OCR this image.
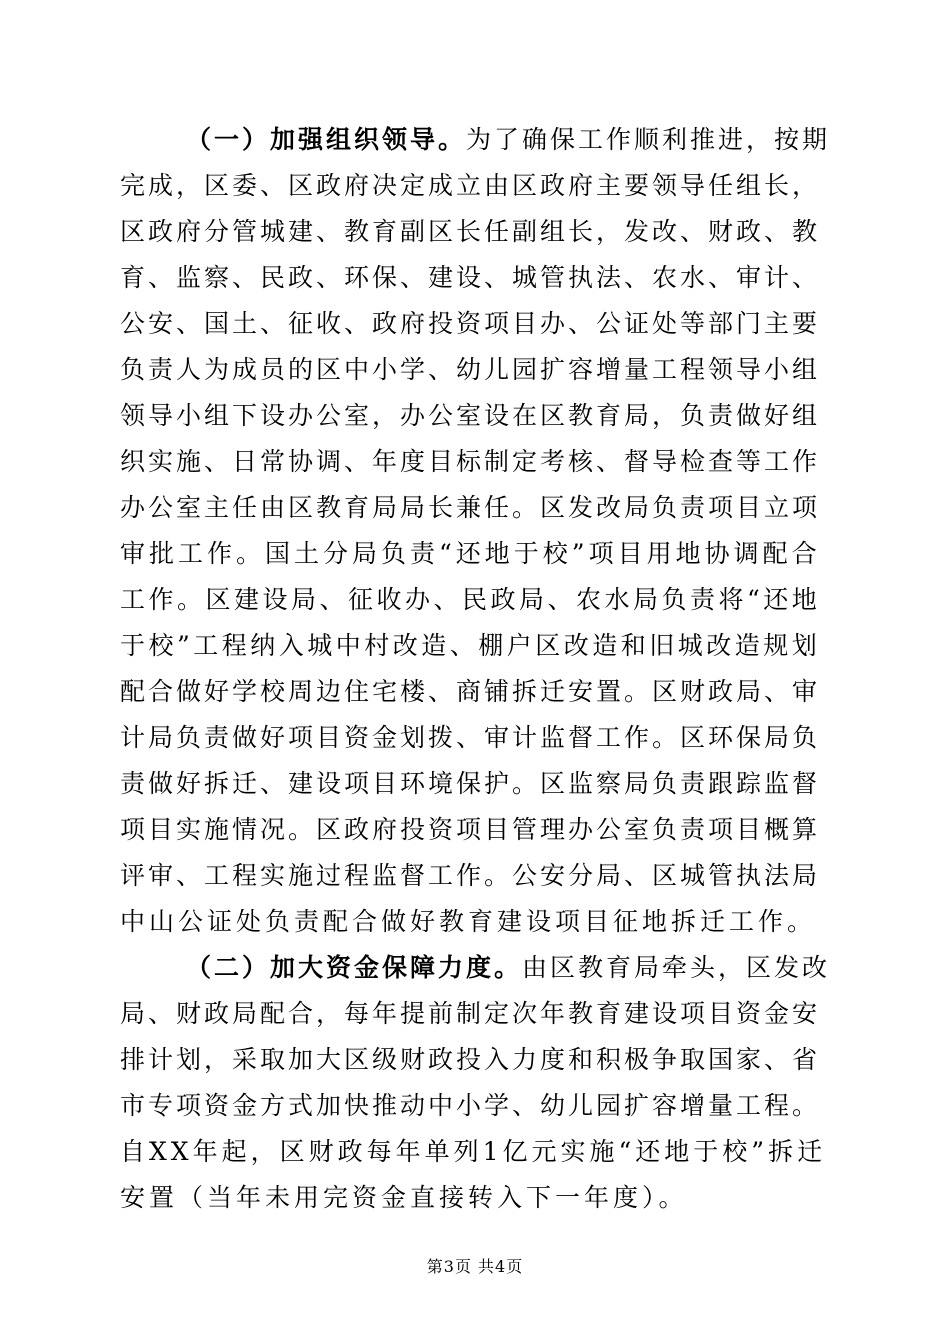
（一）加强组织领导。为了确保工作顺利推进，按期
完成，区委、区政府决定成立由区政府主要领导任组长，
区政府分管城建、教育副区长任副组长，发改、财政、教
育、监察、民政、环保、建设、城管执法、农水、审计、
公安、国土、征收、政府投资项目办、公证处等部门主要
负责人为成员的区中小学、幼儿园扩容增量工程领导小组
领导小组下设办公室，办公室设在区教育局，负责做好组
织实施、日常协调、年度目标制定考核、督导检查等工作
办公室主任由区教育局局长兼任。区发改局负责项目立项
审批工作。国土分局负责“还地于校”项目用地协调配合
工作。区建设局、征收办、民政局、农水局负责将“还地
于校”工程纳入城中村改造、棚户区改造和旧城改造规划
配合做好学校周边住宅楼、商铺拆迁安置。区财政局、审
计局负责做好项目资金划拨、审计监督工作。区环保局负
责做好拆迁、建设项目环境保护。区监察局负责跟踪监督
项目实施情况。区政府投资项目管理办公室负责项目概算
评审、工程实施过程监督工作。公安分局、区城管执法局
中山公证处负责配合做好教育建设项目征地拆迁工作。
（二）加大资金保障力度。由区教育局牵头，区发改
局、财政局配合，每年提前制定次年教育建设项目资金安
排计划，采取加大区级财政投入力度和积极争取国家、省
市专项资金方式加快推动中小学、幼儿园扩容增量工程。
自XX年起，区财政每年单列1亿元实施“还地于校”拆迁
安置（当年未用完资金直接转入下一年度）。
第3页 共4页
